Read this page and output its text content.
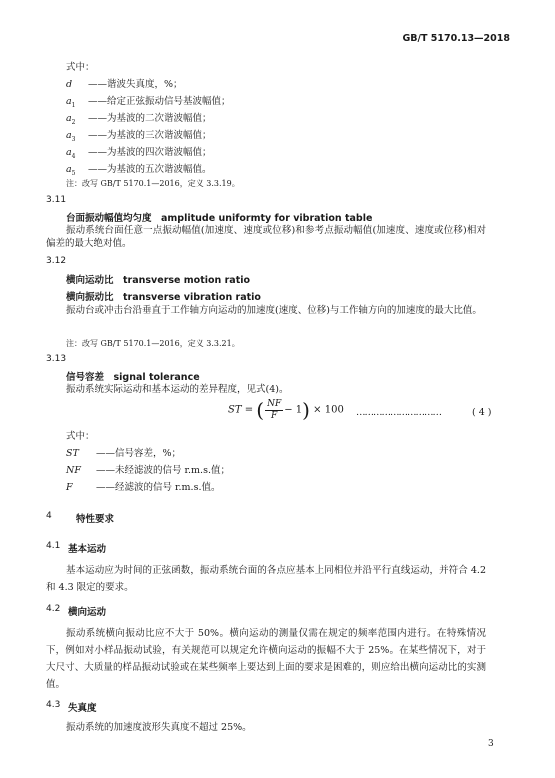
GB/T 5170.13—2018
式中：
d ——谐波失真度，%；
$a_1$ ——给定正弦振动信号基波幅值；
$a_2$ ——为基波的二次谐波幅值；
$a_3$ ——为基波的三次谐波幅值；
$a_4$ ——为基波的四次谐波幅值；
$a_5$ ——为基波的五次谐波幅值。
注：改写 GB/T 5170.1—2016，定义 3.3.19。
3.11
台面振动幅值均匀度　amplitude uniformty for vibration table
振动系统台面任意一点振动幅值(加速度、速度或位移)和参考点振动幅值(加速度、速度或位移)相对偏差的最大绝对值。
3.12
横向运动比　transverse motion ratio
横向振动比　transverse vibration ratio
振动台或冲击台沿垂直于工作轴方向运动的加速度(速度、位移)与工作轴方向的加速度的最大比值。
注：改写 GB/T 5170.1—2016，定义 3.3.21。
3.13
信号容差　signal tolerance
振动系统实际运动和基本运动的差异程度，见式(4)。
ST = ( $\frac{NF}{F} - 1) \times 100$ …………………………	( 4 )
式中：
ST ——信号容差，%；
NF ——未经滤波的信号 r.m.s.值；
F ——经滤波的信号 r.m.s.值。
4	特性要求
4.1 基本运动
基本运动应为时间的正弦函数，振动系统台面的各点应基本上同相位并沿平行直线运动，并符合 4.2 和 4.3 限定的要求。
4.2 横向运动
振动系统横向振动比应不大于 50%。横向运动的测量仅需在规定的频率范围内进行。在特殊情况下，例如对小样品振动试验，有关规范可以规定允许横向运动的振幅不大于 25%。在某些情况下，对于大尺寸、大质量的样品振动试验或在某些频率上要达到上面的要求是困难的，则应给出横向运动比的实测值。
4.3 失真度
振动系统的加速度波形失真度不超过 25%。
3
